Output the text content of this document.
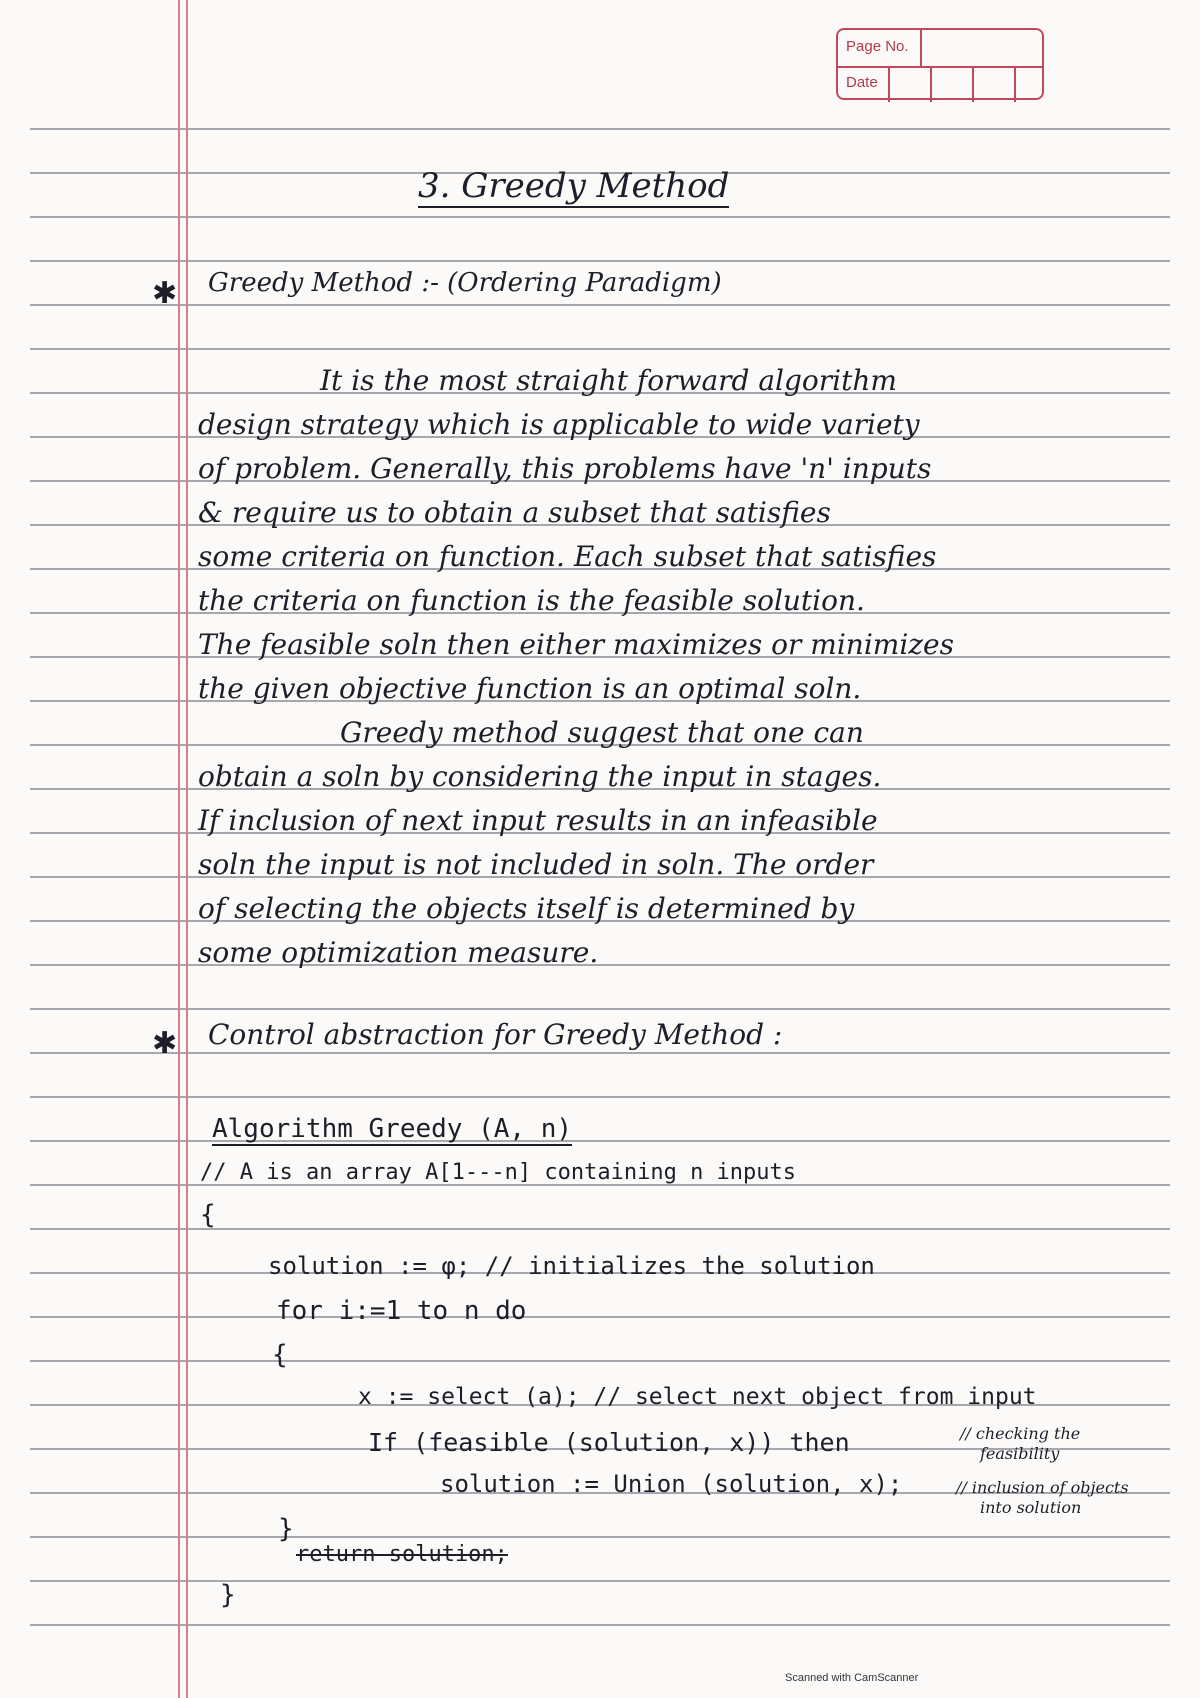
Page No.
Date
3. Greedy Method
✱ Greedy Method :- (Ordering Paradigm)
It is the most straight forward algorithm
design strategy which is applicable to wide variety
of problem. Generally, this problems have 'n' inputs
& require us to obtain a subset that satisfies
some criteria on function. Each subset that satisfies
the criteria on function is the feasible solution.
The feasible soln then either maximizes or minimizes
the given objective function is an optimal soln.
Greedy method suggest that one can
obtain a soln by considering the input in stages.
If inclusion of next input results in an infeasible
soln the input is not included in soln. The order
of selecting the objects itself is determined by
some optimization measure.
✱ Control abstraction for Greedy Method :
Algorithm Greedy (A, n)
// A is an array A[1---n] containing n inputs
{
solution := φ; // initializes the solution
for i:=1 to n do
{
x := select (a); // select next object from input
If (feasible (solution, x)) then
solution := Union (solution, x);
}
return solution;
}
// checking the
feasibility
// inclusion of objects
into solution
Scanned with CamScanner
